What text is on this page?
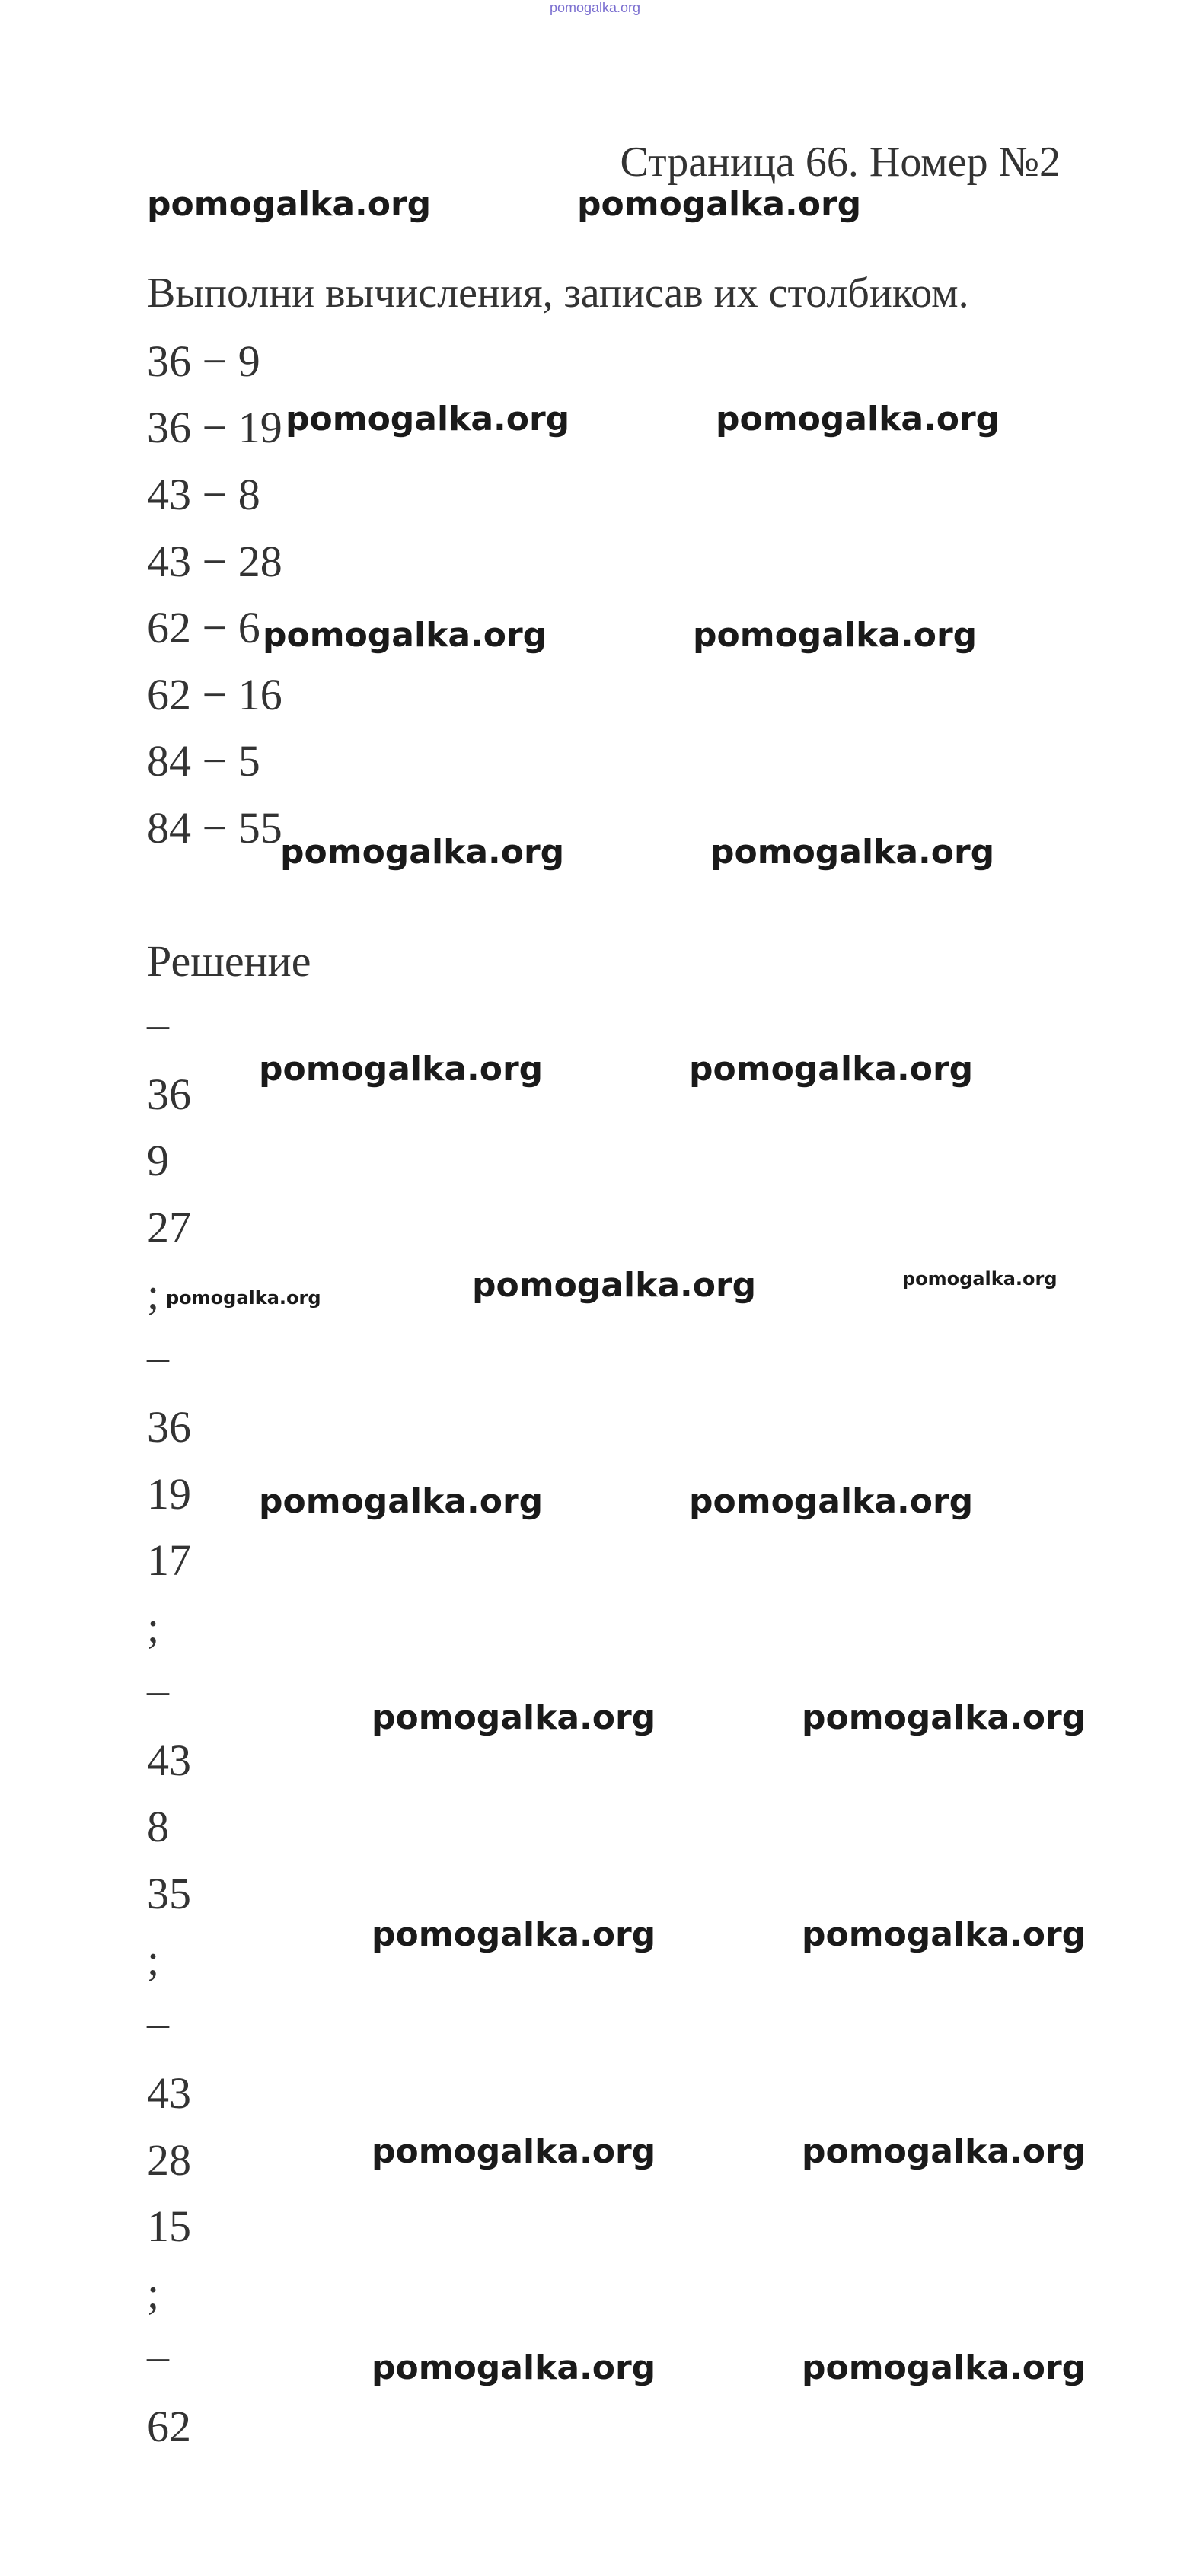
pomogalka.org
Страница 66. Номер №2
Выполни вычисления, записав их столбиком.
36 − 9
36 − 19
43 − 8
43 − 28
62 − 6
62 − 16
84 − 5
84 − 55
Решение
–
36
9
27
;
–
36
19
17
;
–
43
8
35
;
–
43
28
15
;
–
62
pomogalka.org	pomogalka.org
pomogalka.org	pomogalka.org
pomogalka.org	pomogalka.org
pomogalka.org	pomogalka.org
pomogalka.org	pomogalka.org
pomogalka.org	pomogalka.org	pomogalka.org
pomogalka.org	pomogalka.org
pomogalka.org	pomogalka.org
pomogalka.org	pomogalka.org
pomogalka.org	pomogalka.org
pomogalka.org	pomogalka.org
